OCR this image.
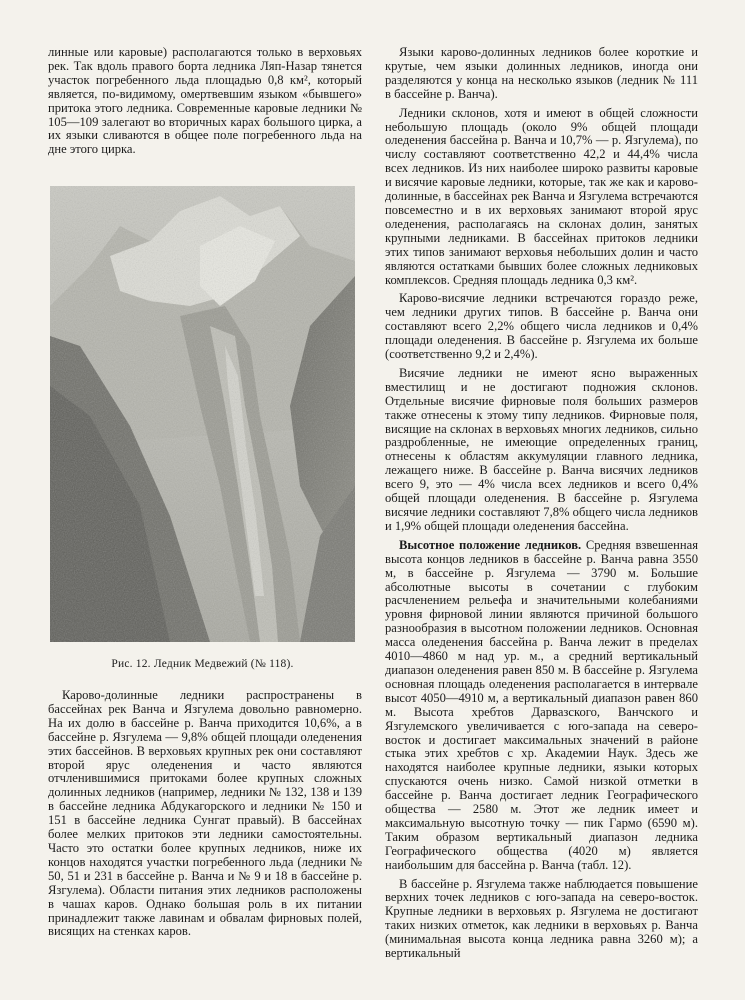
линные или каровые) располагаются только в верховьях рек. Так вдоль правого борта ледника Ляп-Назар тянется участок погребенного льда площадью 0,8 км², который является, по-видимому, омертвевшим языком «бывшего» притока этого ледника. Современные каровые ледники № 105—109 залегают во вторичных карах большого цирка, а их языки сливаются в общее поле погребенного льда на дне этого цирка.

Карово-долинные ледники распространены в бассейнах рек Ванча и Язгулема довольно равномерно. На их долю в бассейне р. Ванча приходится 10,6%, а в бассейне р. Язгулема — 9,8% общей площади оледенения этих бассейнов. В верховьях крупных рек они составляют второй ярус оледенения и часто являются отчленившимися притоками более крупных сложных долинных ледников (например, ледники № 132, 138 и 139 в бассейне ледника Абдукагорского и ледники № 150 и 151 в бассейне ледника Сунгат правый). В бассейнах более мелких притоков эти ледники самостоятельны. Часто это остатки более крупных ледников, ниже их концов находятся участки погребенного льда (ледники № 50, 51 и 231 в бассейне р. Ванча и № 9 и 18 в бассейне р. Язгулема). Области питания этих ледников расположены в чашах каров. Однако большая роль в их питании принадлежит также лавинам и обвалам фирновых полей, висящих на стенках каров.

Рис. 12. Ледник Медвежий (№ 118).

Языки карово-долинных ледников более короткие и крутые, чем языки долинных ледников, иногда они разделяются у конца на несколько языков (ледник № 111 в бассейне р. Ванча).

Ледники склонов, хотя и имеют в общей сложности небольшую площадь (около 9% общей площади оледенения бассейна р. Ванча и 10,7% — р. Язгулема), по числу составляют соответственно 42,2 и 44,4% числа всех ледников. Из них наиболее широко развиты каровые и висячие каровые ледники, которые, так же как и карово-долинные, в бассейнах рек Ванча и Язгулема встречаются повсеместно и в их верховьях занимают второй ярус оледенения, располагаясь на склонах долин, занятых крупными ледниками. В бассейнах притоков ледники этих типов занимают верховья небольших долин и часто являются остатками бывших более сложных ледниковых комплексов. Средняя площадь ледника 0,3 км².

Карово-висячие ледники встречаются гораздо реже, чем ледники других типов. В бассейне р. Ванча они составляют всего 2,2% общего числа ледников и 0,4% площади оледенения. В бассейне р. Язгулема их больше (соответственно 9,2 и 2,4%).

Висячие ледники не имеют ясно выраженных вместилищ и не достигают подножия склонов. Отдельные висячие фирновые поля больших размеров также отнесены к этому типу ледников. Фирновые поля, висящие на склонах в верховьях многих ледников, сильно раздробленные, не имеющие определенных границ, отнесены к областям аккумуляции главного ледника, лежащего ниже. В бассейне р. Ванча висячих ледников всего 9, это — 4% числа всех ледников и всего 0,4% общей площади оледенения. В бассейне р. Язгулема висячие ледники составляют 7,8% общего числа ледников и 1,9% общей площади оледенения бассейна.

Высотное положение ледников. Средняя взвешенная высота концов ледников в бассейне р. Ванча равна 3550 м, в бассейне р. Язгулема — 3790 м. Большие абсолютные высоты в сочетании с глубоким расчленением рельефа и значительными колебаниями уровня фирновой линии являются причиной большого разнообразия в высотном положении ледников. Основная масса оледенения бассейна р. Ванча лежит в пределах 4010—4860 м над ур. м., а средний вертикальный диапазон оледенения равен 850 м. В бассейне р. Язгулема основная площадь оледенения располагается в интервале высот 4050—4910 м, а вертикальный диапазон равен 860 м. Высота хребтов Дарвазского, Ванчского и Язгулемского увеличивается с юго-запада на северо-восток и достигает максимальных значений в районе стыка этих хребтов с хр. Академии Наук. Здесь же находятся наиболее крупные ледники, языки которых спускаются очень низко. Самой низкой отметки в бассейне р. Ванча достигает ледник Географического общества — 2580 м. Этот же ледник имеет и максимальную высотную точку — пик Гармо (6590 м). Таким образом вертикальный диапазон ледника Географического общества (4020 м) является наибольшим для бассейна р. Ванча (табл. 12).

В бассейне р. Язгулема также наблюдается повышение верхних точек ледников с юго-запада на северо-восток. Крупные ледники в верховьях р. Язгулема не достигают таких низких отметок, как ледники в верховьях р. Ванча (минимальная высота конца ледника равна 3260 м); а вертикальный
